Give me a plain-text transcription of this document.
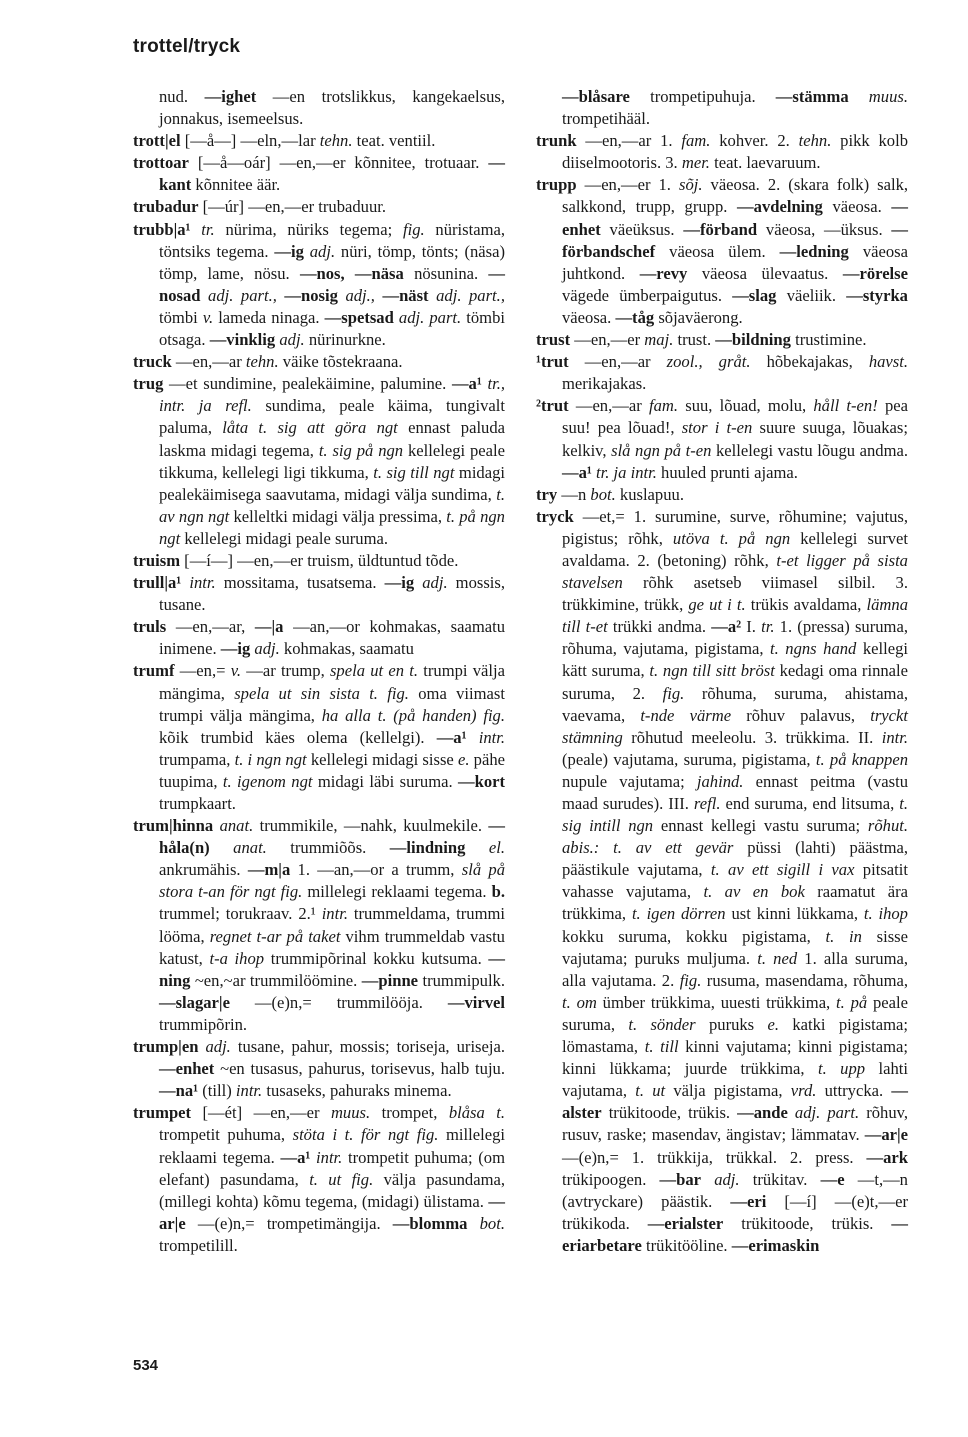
trottel/tryck

nud. —ighet —en trotslikkus, kangekaelsus, jonnakus, isemeelsus.

trott|el [—å—] —eln,—lar tehn. teat. ventiil.

trottoar [—å—oár] —en,—er kõnnitee, trotuaar. —kant kõnnitee äär.

trubadur [—úr] —en,—er trubaduur.

trubb|a¹ tr. nürima, nüriks tegema; fig. nüristama, töntsiks tegema. —ig adj. nüri, tömp, tönts; (näsa) tömp, lame, nösu. —nos, —näsa nösunina. —nosad adj. part., —nosig adj., —näst adj. part., tömbi v. lameda ninaga. —spetsad adj. part. tömbi otsaga. —vinklig adj. nürinurkne.

truck —en,—ar tehn. väike tõstekraana.

trug —et sundimine, pealekäimine, palumine. —a¹ tr., intr. ja refl. sundima, peale käima, tungivalt paluma, låta t. sig att göra ngt ennast paluda laskma midagi tegema, t. sig på ngn kellelegi peale tikkuma, kellelegi ligi tikkuma, t. sig till ngt midagi pealekäimisega saavutama, midagi välja sundima, t. av ngn ngt kelleltki midagi välja pressima, t. på ngn ngt kellelegi midagi peale suruma.

truism [—í—] —en,—er truism, üldtuntud tõde.

trull|a¹ intr. mossitama, tusatsema. —ig adj. mossis, tusane.

truls —en,—ar, —|a —an,—or kohmakas, saamatu inimene. —ig adj. kohmakas, saamatu

trumf —en,= v. —ar trump, spela ut en t. trumpi välja mängima, spela ut sin sista t. fig. oma viimast trumpi välja mängima, ha alla t. (på handen) fig. kõik trumbid käes olema (kellelgi). —a¹ intr. trumpama, t. i ngn ngt kellelegi midagi sisse e. pähe tuupima, t. igenom ngt midagi läbi suruma. —kort trumpkaart.

trum|hinna anat. trummikile, —nahk, kuulmekile. —håla(n) anat. trummiõõs. —lindning el. ankrumähis. —m|a 1. —an,—or a trumm, slå på stora t-an för ngt fig. millelegi reklaami tegema. b. trummel; torukraav. 2.¹ intr. trummeldama, trummi lööma, regnet t-ar på taket vihm trummeldab vastu katust, t-a ihop trummipõrinal kokku kutsuma. —ning ~en,~ar trummilöömine. —pinne trummipulk. —slagar|e —(e)n,= trummilööja. —virvel trummipõrin.

trump|en adj. tusane, pahur, mossis; toriseja, uriseja. —enhet ~en tusasus, pahurus, torisevus, halb tuju. —na¹ (till) intr. tusaseks, pahuraks minema.

trumpet [—ét] —en,—er muus. trompet, blåsa t. trompetit puhuma, stöta i t. för ngt fig. millelegi reklaami tegema. —a¹ intr. trompetit puhuma; (om elefant) pasundama, t. ut fig. välja pasundama, (millegi kohta) kõmu tegema, (midagi) ülistama. —ar|e —(e)n,= trompetimängija. —blomma bot. trompetilill.

—blåsare trompetipuhuja. —stämma muus. trompetihääl.

trunk —en,—ar 1. fam. kohver. 2. tehn. pikk kolb diiselmootoris. 3. mer. teat. laevaruum.

trupp —en,—er 1. sõj. väeosa. 2. (skara folk) salk, salkkond, trupp, grupp. —avdelning väeosa. —enhet väeüksus. —förband väeosa, —üksus. —förbandschef väeosa ülem. —ledning väeosa juhtkond. —revy väeosa ülevaatus. —rörelse vägede ümberpaigutus. —slag väeliik. —styrka väeosa. —tåg sõjaväerong.

trust —en,—er maj. trust. —bildning trustimine.

¹trut —en,—ar zool., gråt. hõbekajakas, havst. merikajakas.

²trut —en,—ar fam. suu, lõuad, molu, håll t-en! pea suu! pea lõuad!, stor i t-en suure suuga, lõuakas; kelkiv, slå ngn på t-en kellelegi vastu lõugu andma. —a¹ tr. ja intr. huuled prunti ajama.

try —n bot. kuslapuu.

tryck —et,= 1. surumine, surve, rõhumine; vajutus, pigistus; rõhk, utöva t. på ngn kellelegi survet avaldama. 2. (betoning) rõhk, t-et ligger på sista stavelsen rõhk asetseb viimasel silbil. 3. trükkimine, trükk, ge ut i t. trükis avaldama, lämna till t-et trükki andma. —a² I. tr. 1. (pressa) suruma, rõhuma, vajutama, pigistama, t. ngns hand kellegi kätt suruma, t. ngn till sitt bröst kedagi oma rinnale suruma, 2. fig. rõhuma, surumа, ahistama, vaevama, t-nde värme rõhuv palavus, tryckt stämning rõhutud meeleolu. 3. trükkima. II. intr. (peale) vajutama, suruma, pigistama, t. på knappen nupule vajutama; jahind. ennast peitma (vastu maad surudes). III. refl. end suruma, end litsuma, t. sig intill ngn ennast kellegi vastu suruma; rõhut. abis.: t. av ett gevär püssi (lahti) päästma, päästikule vajutama, t. av ett sigill i vax pitsatit vahasse vajutama, t. av en bok raamatut ära trükkima, t. igen dörren ust kinni lükkama, t. ihop kokku suruma, kokku pigistama, t. in sisse vajutama; puruks muljuma. t. ned 1. alla suruma, alla vajutama. 2. fig. rusuma, masendama, rõhuma, t. om ümber trükkima, uuesti trükkima, t. på peale suruma, t. sönder puruks e. katki pigistama; lömastama, t. till kinni vajutama; kinni pigistama; kinni lükkama; juurde trükkima, t. upp lahti vajutama, t. ut välja pigistama, vrd. uttrycka. —alster trükitoode, trükis. —ande adj. part. rõhuv, rusuv, raske; masendav, ängistav; lämmatav. —ar|e —(e)n,= 1. trükkija, trükkal. 2. press. —ark trükipoogen. —bar adj. trükitav. —e —t,—n (avtryckare) päästik. —eri [—í] —(e)t,—er trükikoda. —erialster trükitoode, trükis. —eriarbetare trükitööline. —erimaskin

534
